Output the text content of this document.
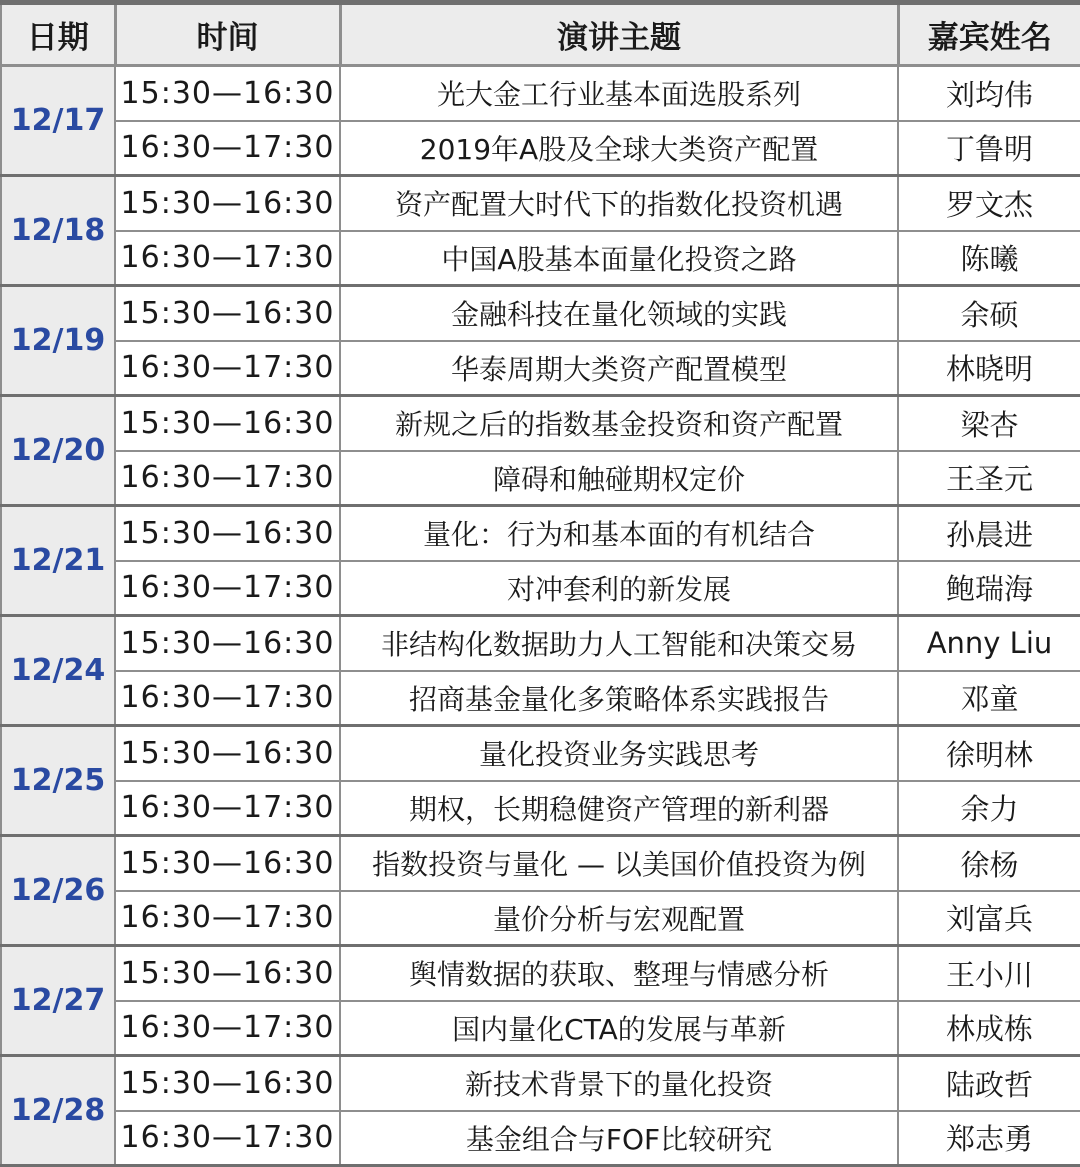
日期	时间	演讲主题	嘉宾姓名
12/17	15:30—16:30	光大金工行业基本面选股系列	刘均伟
	16:30—17:30	2019年A股及全球大类资产配置	丁鲁明
12/18	15:30—16:30	资产配置大时代下的指数化投资机遇	罗文杰
	16:30—17:30	中国A股基本面量化投资之路	陈曦
12/19	15:30—16:30	金融科技在量化领域的实践	余硕
	16:30—17:30	华泰周期大类资产配置模型	林晓明
12/20	15:30—16:30	新规之后的指数基金投资和资产配置	梁杏
	16:30—17:30	障碍和触碰期权定价	王圣元
12/21	15:30—16:30	量化：行为和基本面的有机结合	孙晨进
	16:30—17:30	对冲套利的新发展	鲍瑞海
12/24	15:30—16:30	非结构化数据助力人工智能和决策交易	Anny Liu
	16:30—17:30	招商基金量化多策略体系实践报告	邓童
12/25	15:30—16:30	量化投资业务实践思考	徐明林
	16:30—17:30	期权，长期稳健资产管理的新利器	余力
12/26	15:30—16:30	指数投资与量化 — 以美国价值投资为例	徐杨
	16:30—17:30	量价分析与宏观配置	刘富兵
12/27	15:30—16:30	舆情数据的获取、整理与情感分析	王小川
	16:30—17:30	国内量化CTA的发展与革新	林成栋
12/28	15:30—16:30	新技术背景下的量化投资	陆政哲
	16:30—17:30	基金组合与FOF比较研究	郑志勇
